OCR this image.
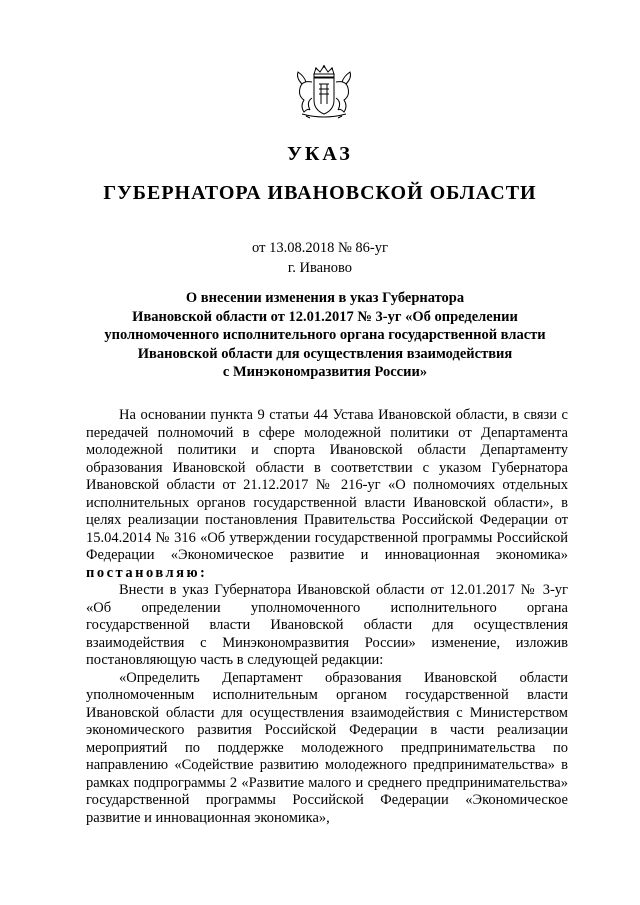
УКАЗ
ГУБЕРНАТОРА ИВАНОВСКОЙ ОБЛАСТИ
от 13.08.2018 № 86-уг
г. Иваново
О внесении изменения в указ Губернатора
Ивановской области от 12.01.2017 № 3-уг «Об определении
уполномоченного исполнительного органа государственной власти
Ивановской области для осуществления взаимодействия
с Минэкономразвития России»

На основании пункта 9 статьи 44 Устава Ивановской области, в связи с передачей полномочий в сфере молодежной политики от Департамента молодежной политики и спорта Ивановской области Департаменту образования Ивановской области в соответствии с указом Губернатора Ивановской области от 21.12.2017 № 216-уг «О полномочиях отдельных исполнительных органов государственной власти Ивановской области», в целях реализации постановления Правительства Российской Федерации от 15.04.2014 № 316 «Об утверждении государственной программы Российской Федерации «Экономическое развитие и инновационная экономика» постановляю:

Внести в указ Губернатора Ивановской области от 12.01.2017 № 3-уг «Об определении уполномоченного исполнительного органа государственной власти Ивановской области для осуществления взаимодействия с Минэкономразвития России» изменение, изложив постановляющую часть в следующей редакции:

«Определить Департамент образования Ивановской области уполномоченным исполнительным органом государственной власти Ивановской области для осуществления взаимодействия с Министерством экономического развития Российской Федерации в части реализации мероприятий по поддержке молодежного предпринимательства по направлению «Содействие развитию молодежного предпринимательства» в рамках подпрограммы 2 «Развитие малого и среднего предпринимательства» государственной программы Российской Федерации «Экономическое развитие и инновационная экономика»,
